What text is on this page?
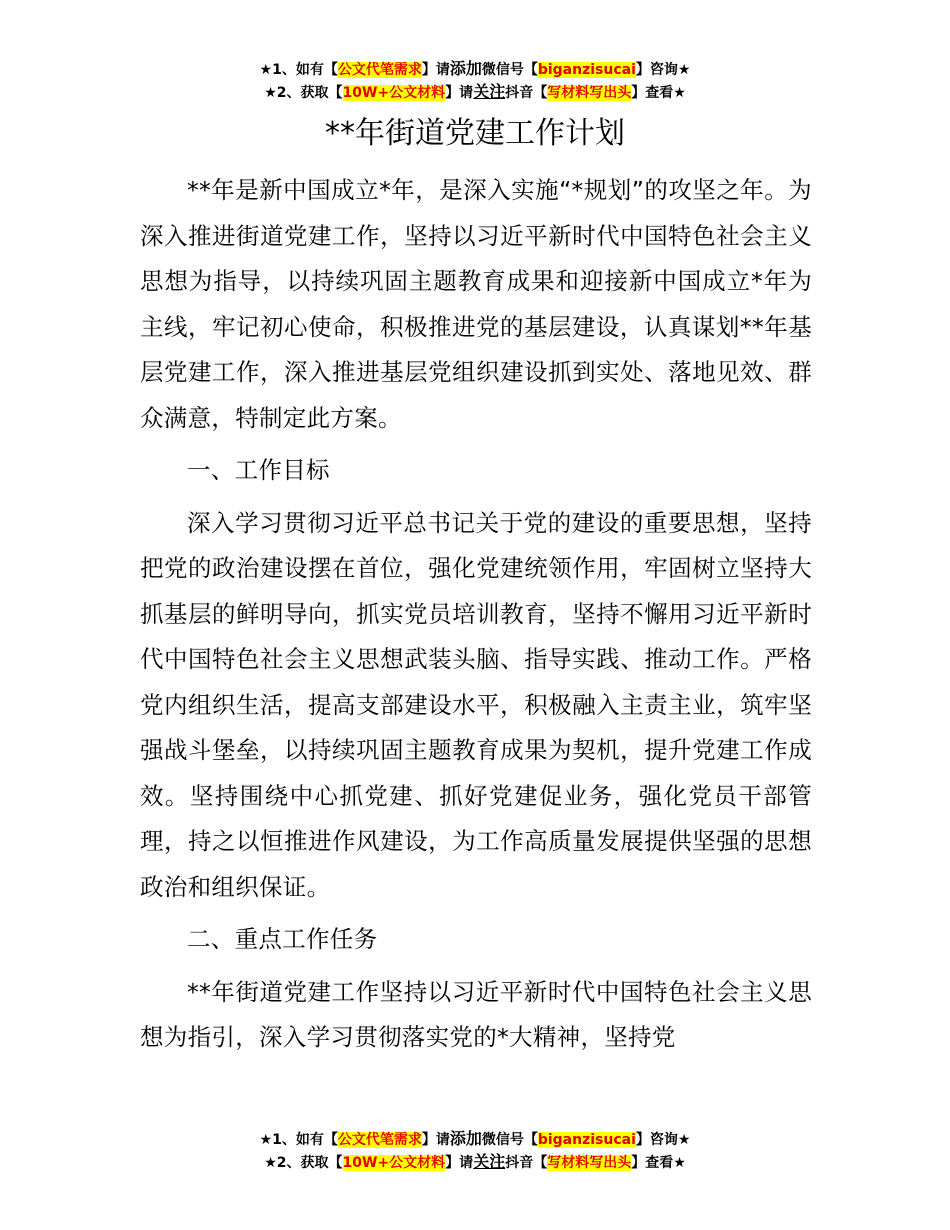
★1、如有【公文代笔需求】请添加微信号【biganzisucai】咨询★
★2、获取【10W+公文材料】请关注抖音【写材料写出头】查看★
**年街道党建工作计划

**年是新中国成立*年，是深入实施“*规划”的攻坚之年。为深入推进街道党建工作，坚持以习近平新时代中国特色社会主义思想为指导，以持续巩固主题教育成果和迎接新中国成立*年为主线，牢记初心使命，积极推进党的基层建设，认真谋划**年基层党建工作，深入推进基层党组织建设抓到实处、落地见效、群众满意，特制定此方案。

一、工作目标

深入学习贯彻习近平总书记关于党的建设的重要思想，坚持把党的政治建设摆在首位，强化党建统领作用，牢固树立坚持大抓基层的鲜明导向，抓实党员培训教育，坚持不懈用习近平新时代中国特色社会主义思想武装头脑、指导实践、推动工作。严格党内组织生活，提高支部建设水平，积极融入主责主业，筑牢坚强战斗堡垒，以持续巩固主题教育成果为契机，提升党建工作成效。坚持围绕中心抓党建、抓好党建促业务，强化党员干部管理，持之以恒推进作风建设，为工作高质量发展提供坚强的思想政治和组织保证。

二、重点工作任务

**年街道党建工作坚持以习近平新时代中国特色社会主义思想为指引，深入学习贯彻落实党的*大精神，坚持党

★1、如有【公文代笔需求】请添加微信号【biganzisucai】咨询★
★2、获取【10W+公文材料】请关注抖音【写材料写出头】查看★
